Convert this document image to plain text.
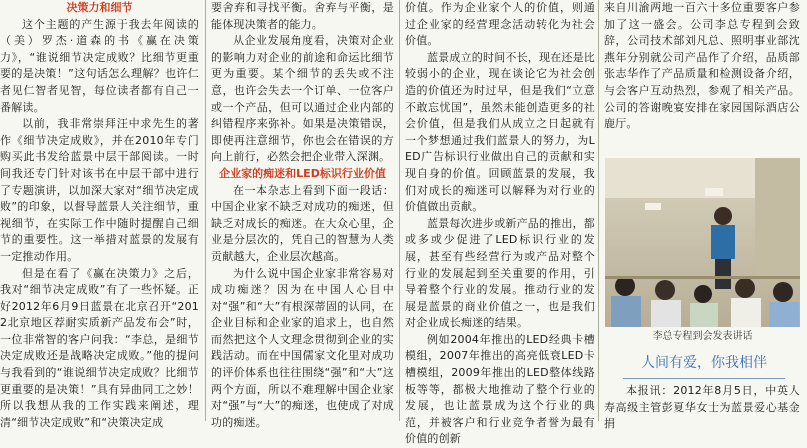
决策力和细节

这个主题的产生源于我去年阅读的（美）罗杰·道森的书《赢在决策力》，“谁说细节决定成败？比细节更重要的是决策！”这句话怎么理解？也许仁者见仁智者见智，每位读者都有自己一番解读。

以前，我非常崇拜汪中求先生的著作《细节决定成败》，并在2010年专门购买此书发给蓝景中层干部阅读。一时间我还专门针对该书在中层干部中进行了专题演讲，以加深大家对“细节决定成败”的印象，以督导蓝景人关注细节，重视细节，在实际工作中随时提醒自己细节的重要性。这一举措对蓝景的发展有一定推动作用。

但是在看了《赢在决策力》之后，我对“细节决定成败”有了一些怀疑。正好2012年6月9日蓝景在北京召开“2012北京地区荐耐实质新产品发布会”时，一位非常智的客户问我：“李总，是细节决定成败还是战略决定成败。”他的提问与我看到的“谁说细节决定成败？比细节更重要的是决策！”具有异曲同工之妙！所以我想从我的工作实践来阐述，理清“细节决定成败”和“决策决定成

要舍弃和寻找平衡。舍弃与平衡，是能体现决策者的能力。

从企业发展角度看，决策对企业的影响力对企业的前途和命运比细节更为重要。某个细节的丢失或不注意，也许会失去一个订单、一位客户或一个产品，但可以通过企业内部的纠错程序来弥补。如果是决策错误，即使再注意细节，你也会在错误的方向上前行，必然会把企业带入深渊。

企业家的痴迷和LED标识行业价值

在一本杂志上看到下面一段话：中国企业家不缺乏对成功的痴迷，但缺乏对成长的痴迷。在大众心里，企业是分层次的，凭自己的智慧为人类贡献越大，企业层次越高。

为什么说中国企业家非常容易对成功痴迷？因为在中国人心目中对“强”和“大”有根深蒂固的认同，在企业目标和企业家的追求上，也自然而然把这个人文理念贯彻到企业的实践活动。而在中国儒家文化里对成功的评价体系也往往围绕“强”和“大”这两个方面，所以不难理解中国企业家对“强”与“大”的痴迷，也使成了对成功的痴迷。

价值。作为企业家个人的价值，则通过企业家的经营理念活动转化为社会价值。

蓝景成立的时间不长，现在还是比较弱小的企业，现在谈论它为社会创造的价值还为时过早，但是我们“立意不敢忘忧国”，虽然未能创造更多的社会价值，但是我们从成立之日起就有一个梦想通过我们蓝景人的努力，为LED广告标识行业做出自己的贡献和实现自身的价值。回顾蓝景的发展，我们对成长的痴迷可以解释为对行业的价值做出贡献。

蓝景每次进步或新产品的推出，都或多或少促进了LED标识行业的发展，甚至有些经营行为或产品对整个行业的发展起到至关重要的作用，引导着整个行业的发展。推动行业的发展是蓝景的商业价值之一，也是我们对企业成长痴迷的结果。

例如2004年推出的LED经典卡槽模组，2007年推出的高亮低衰LED卡槽模组，2009年推出的LED整体线路板等等，都极大地推动了整个行业的发展，也让蓝景成为这个行业的典范，并被客户和行业竞争者誉为最有价值的创新

来自川渝两地一百六十多位重要客户参加了这一盛会。公司李总专程到会致辞，公司技术部刘凡总、照明事业部沈燕年分别就公司产品作了介绍，品质部张志华作了产品质量和检测设备介绍，与会客户互动热烈，参观了相关产品。公司的答谢晚宴安排在家园国际酒店公鹿厅。

李总专程到会发表讲话
人间有爱，你我相伴

本报讯：2012年8月5日，中英人寿高级主管彭夏华女士为蓝景爱心基金捐
